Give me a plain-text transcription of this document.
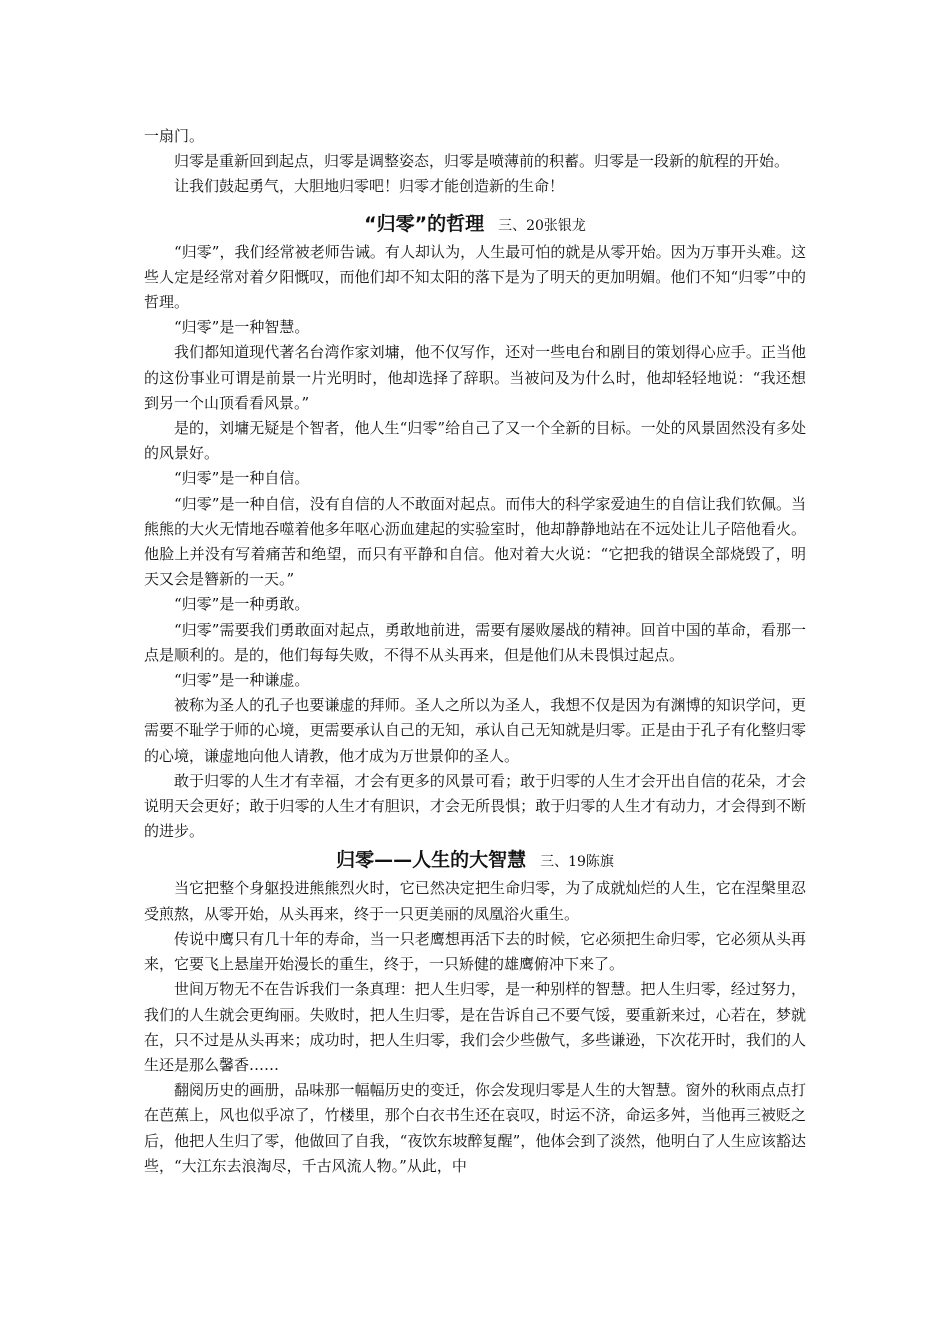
一扇门。

归零是重新回到起点，归零是调整姿态，归零是喷薄前的积蓄。归零是一段新的航程的开始。

让我们鼓起勇气，大胆地归零吧！归零才能创造新的生命！

“归零”的哲理 三、20张银龙

“归零”，我们经常被老师告诫。有人却认为，人生最可怕的就是从零开始。因为万事开头难。这些人定是经常对着夕阳慨叹，而他们却不知太阳的落下是为了明天的更加明媚。他们不知“归零”中的哲理。

“归零”是一种智慧。

我们都知道现代著名台湾作家刘墉，他不仅写作，还对一些电台和剧目的策划得心应手。正当他的这份事业可谓是前景一片光明时，他却选择了辞职。当被问及为什么时，他却轻轻地说：“我还想到另一个山顶看看风景。”

是的，刘墉无疑是个智者，他人生“归零”给自己了又一个全新的目标。一处的风景固然没有多处的风景好。

“归零”是一种自信。

“归零”是一种自信，没有自信的人不敢面对起点。而伟大的科学家爱迪生的自信让我们钦佩。当熊熊的大火无情地吞噬着他多年呕心沥血建起的实验室时，他却静静地站在不远处让儿子陪他看火。他脸上并没有写着痛苦和绝望，而只有平静和自信。他对着大火说：“它把我的错误全部烧毁了，明天又会是簪新的一天。”

“归零”是一种勇敢。

“归零”需要我们勇敢面对起点，勇敢地前进，需要有屡败屡战的精神。回首中国的革命，看那一点是顺利的。是的，他们每每失败，不得不从头再来，但是他们从未畏惧过起点。

“归零”是一种谦虚。

被称为圣人的孔子也要谦虚的拜师。圣人之所以为圣人，我想不仅是因为有渊博的知识学问，更需要不耻学于师的心境，更需要承认自己的无知，承认自己无知就是归零。正是由于孔子有化整归零的心境，谦虚地向他人请教，他才成为万世景仰的圣人。

敢于归零的人生才有幸福，才会有更多的风景可看；敢于归零的人生才会开出自信的花朵，才会说明天会更好；敢于归零的人生才有胆识，才会无所畏惧；敢于归零的人生才有动力，才会得到不断的进步。

归零——人生的大智慧 三、19陈旗

当它把整个身躯投进熊熊烈火时，它已然决定把生命归零，为了成就灿烂的人生，它在涅槃里忍受煎熬，从零开始，从头再来，终于一只更美丽的凤凰浴火重生。

传说中鹰只有几十年的寿命，当一只老鹰想再活下去的时候，它必须把生命归零，它必须从头再来，它要飞上悬崖开始漫长的重生，终于，一只矫健的雄鹰俯冲下来了。

世间万物无不在告诉我们一条真理：把人生归零，是一种别样的智慧。把人生归零，经过努力，我们的人生就会更绚丽。失败时，把人生归零，是在告诉自己不要气馁，要重新来过，心若在，梦就在，只不过是从头再来；成功时，把人生归零，我们会少些傲气，多些谦逊，下次花开时，我们的人生还是那么馨香……

翻阅历史的画册，品味那一幅幅历史的变迁，你会发现归零是人生的大智慧。窗外的秋雨点点打在芭蕉上，风也似乎凉了，竹楼里，那个白衣书生还在哀叹，时运不济，命运多舛，当他再三被贬之后，他把人生归了零，他做回了自我，“夜饮东坡醉复醒”，他体会到了淡然，他明白了人生应该豁达些，“大江东去浪淘尽，千古风流人物。”从此，中
